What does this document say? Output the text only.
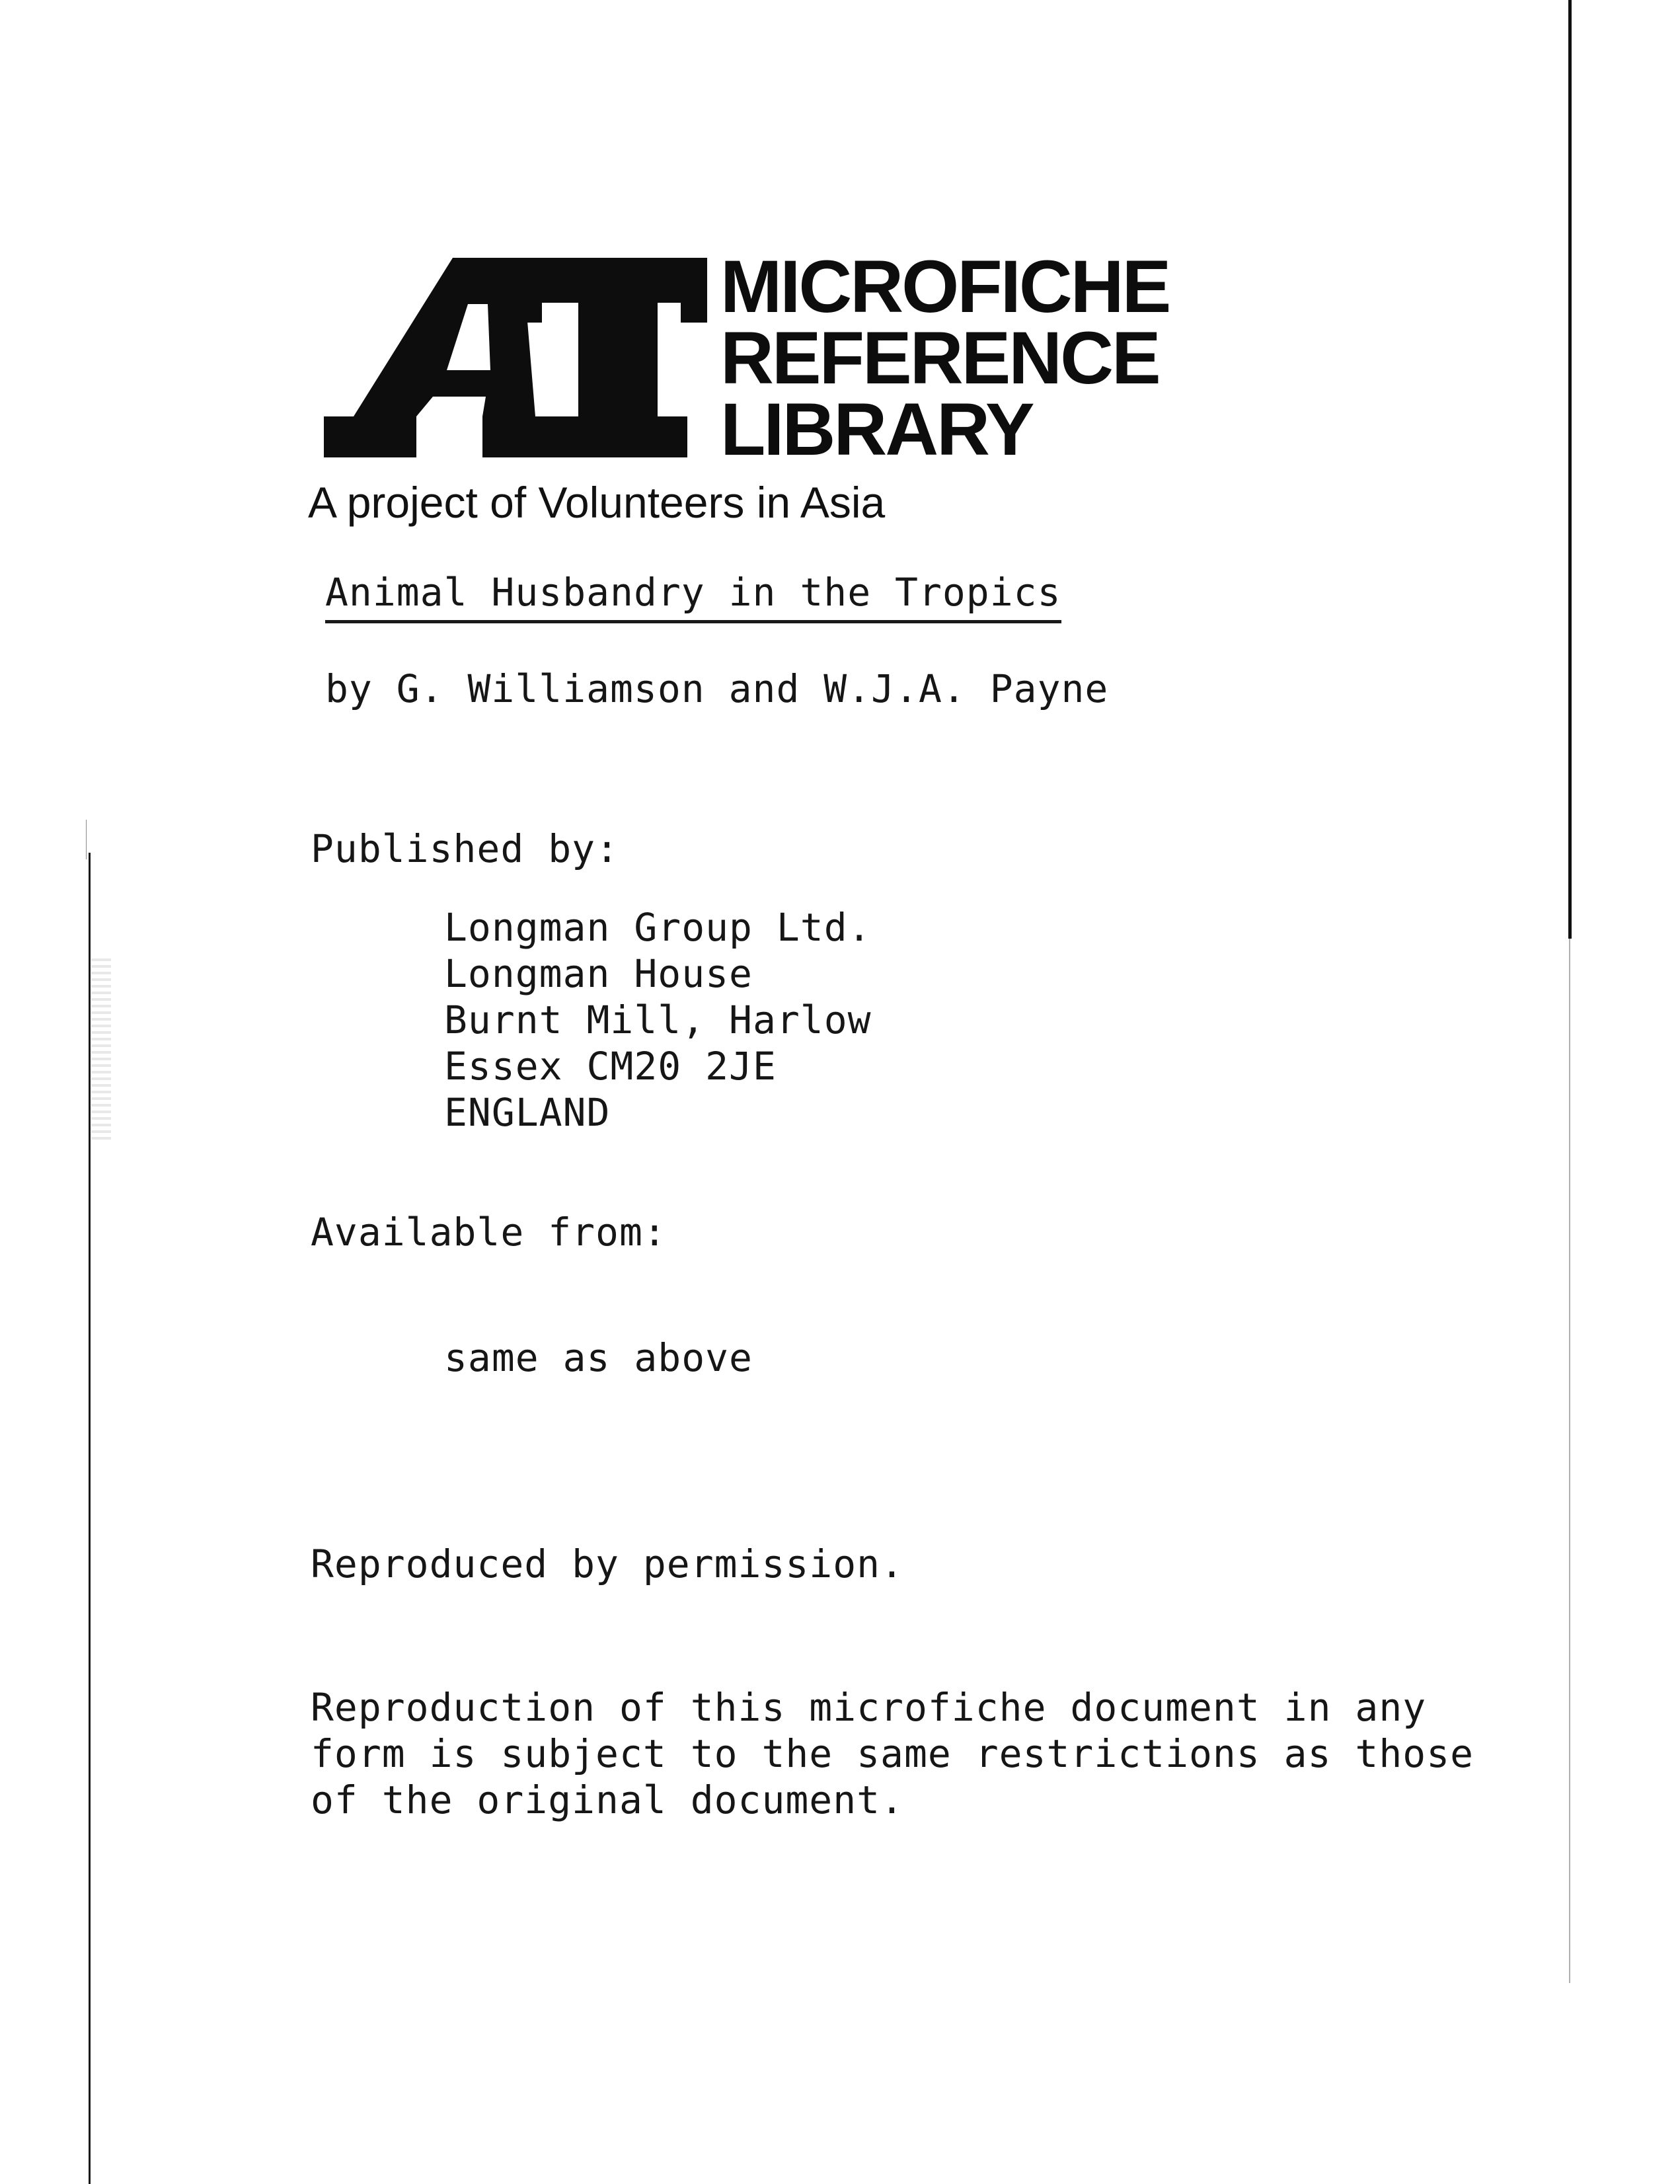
MICROFICHE
REFERENCE
LIBRARY
A project of Volunteers in Asia
Animal Husbandry in the Tropics
by G. Williamson and W.J.A. Payne
Published by:
Longman Group Ltd.
Longman House
Burnt Mill, Harlow
Essex CM20 2JE
ENGLAND
Available from:
same as above
Reproduced by permission.
Reproduction of this microfiche document in any
form is subject to the same restrictions as those
of the original document.
